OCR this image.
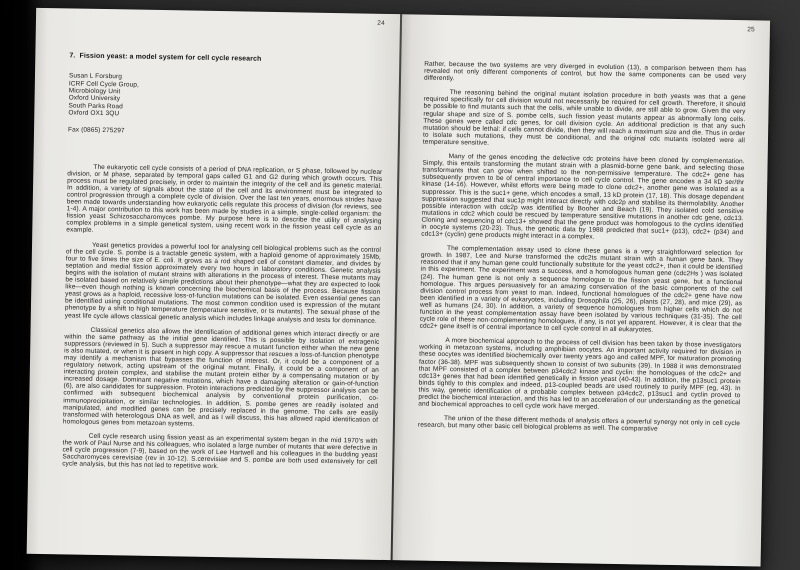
24
7.  Fission yeast: a model system for cell cycle research
Susan L Forsburg
ICRF Cell Cycle Group,
Microbiology Unit
Oxford University
South Parks Road
Oxford OX1 3QU
Fax (0865) 275297

The eukaryotic cell cycle consists of a period of DNA replication, or S phase, followed by nuclear division, or M phase, separated by temporal gaps called G1 and G2 during which growth occurs. This process must be regulated precisely, in order to maintain the integrity of the cell and its genetic material. In addition, a variety of signals about the state of the cell and its environment must be integrated to control progression through a complete cycle of division. Over the last ten years, enormous strides have been made towards understanding how eukaryotic cells regulate this process of division (for reviews, see 1-4). A major contribution to this work has been made by studies in a simple, single-celled organism: the fission yeast Schizosaccharomyces pombe. My purpose here is to describe the utility of analysing complex problems in a simple genetical system, using recent work in the fission yeast cell cycle as an example.

Yeast genetics provides a powerful tool for analysing cell biological problems such as the control of the cell cycle. S. pombe is a tractable genetic system, with a haploid genome of approximately 15Mb, four to five times the size of E. coli. It grows as a rod shaped cell of constant diameter, and divides by septation and medial fission approximately every two hours in laboratory conditions. Genetic analysis begins with the isolation of mutant strains with alterations in the process of interest. These mutants may be isolated based on relatively simple predictions about their phenotype—what they are expected to look like—even though nothing is known concerning the biochemical basis of the process. Because fission yeast grows as a haploid, recessive loss-of-function mutations can be isolated. Even essential genes can be identified using conditional mutations. The most common condition used is expression of the mutant phenotype by a shift to high temperature (temperature sensitive, or ts mutants). The sexual phase of the yeast life cycle allows classical genetic analysis which includes linkage analysis and tests for dominance.

Classical genetics also allows the identification of additional genes which interact directly or are within the same pathway as the initial gene identified. This is possible by isolation of extragenic suppressors (reviewed in 5). Such a suppressor may rescue a mutant function either when the new gene is also mutated, or when it is present in high copy. A suppressor that rescues a loss-of-function phenotype may identify a mechanism that bypasses the function of interest. Or, it could be a component of a regulatory network, acting upstream of the original mutant. Finally, it could be a component of an interacting protein complex, and stabilise the mutant protein either by a compensating mutation or by increased dosage. Dominant negative mutations, which have a damaging alteration or gain-of-function (6), are also candidates for suppression. Protein interactions predicted by the suppressor analysis can be confirmed with subsequent biochemical analysis by conventional protein purification, co-immunoprecipitation, or similar technologies. In addition, S. pombe genes are readily isolated and manipulated, and modified genes can be precisely replaced in the genome. The cells are easily transformed with heterologous DNA as well, and as I will discuss, this has allowed rapid identification of homologous genes from metazoan systems.

Cell cycle research using fission yeast as an experimental system began in the mid 1970's with the work of Paul Nurse and his colleagues, who isolated a large number of mutants that were defective in cell cycle progression (7-9), based on the work of Lee Hartwell and his colleagues in the budding yeast Saccharomyces cerevisiae (rev in 10-12). S.cerevisiae and S. pombe are both used extensively for cell cycle analysis, but this has not led to repetitive work.

25

Rather, because the two systems are very diverged in evolution (13), a comparison between them has revealed not only different components of control, but how the same components can be used very differently.

The reasoning behind the original mutant isolation procedure in both yeasts was that a gene required specifically for cell division would not necessarily be required for cell growth. Therefore, it should be possible to find mutants such that the cells, while unable to divide, are still able to grow. Given the very regular shape and size of S. pombe cells, such fission yeast mutants appear as abnormally long cells. These genes were called cdc genes, for cell division cycle. An additional prediction is that any such mutation should be lethal: if cells cannot divide, then they will reach a maximum size and die. Thus in order to isolate such mutations, they must be conditional, and the original cdc mutants isolated were all temperature sensitive.

Many of the genes encoding the defective cdc proteins have been cloned by complementation. Simply, this entails transforming the mutant strain with a plasmid-borne gene bank, and selecting those transformants that can grow when shifted to the non-permissive temperature. The cdc2+ gene has subsequently proven to be of central importance to cell cycle control. The gene encodes a 34 kD ser/thr kinase (14-16). However, whilst efforts were being made to clone cdc2+, another gene was isolated as a suppressor. This is the suc1+ gene, which encodes a small, 13 kD protein (17, 18). This dosage dependent suppression suggested that suc1p might interact directly with cdc2p and stabilise its thermolability. Another possible interaction with cdc2p was identified by Booher and Beach (19). They isolated cold sensitive mutations in cdc2 which could be rescued by temperature sensitive mutations in another cdc gene, cdc13. Cloning and sequencing of cdc13+ showed that the gene product was homologous to the cyclins identified in oocyte systems (20-23). Thus, the genetic data by 1988 predicted that suc1+ (p13), cdc2+ (p34) and cdc13+ (cyclin) gene products might interact in a complex.

The complementation assay used to clone these genes is a very straightforward selection for growth. In 1987, Lee and Nurse transformed the cdc2ts mutant strain with a human gene bank. They reasoned that if any human gene could functionally substitute for the yeast cdc2+, then it could be identified in this experiment. The experiment was a success, and a homologous human gene (cdc2Hs ) was isolated (24). The human gene is not only a sequence homologue to the fission yeast gene, but a functional homologue. This argues persuasively for an amazing conservation of the basic components of the cell division control process from yeast to man. Indeed, functional homologues of the cdc2+ gene have now been identified in a variety of eukaryotes, including Drosophila (25, 26), plants (27, 28), and mice (29), as well as humans (24, 30). In addition, a variety of sequence homologues from higher cells which do not function in the yeast complementation assay have been isolated by various techniques (31-35). The cell cycle role of these non-complementing homologues, if any, is not yet apparent. However, it is clear that the cdc2+ gene itself is of central importance to cell cycle control in all eukaryotes.

A more biochemical approach to the process of cell division has been taken by those investigators working in metazoan systems, including amphibian oocytes. An important activity required for division in these oocytes was identified biochemically over twenty years ago and called MPF, for maturation promoting factor (36-38). MPF was subsequently shown to consist of two subunits (39). In 1988 it was demonstrated that MPF consisted of a complex between p34cdc2 kinase and cyclin: the homologues of the cdc2+ and cdc13+ genes that had been identified genetically in fission yeast (40-43). In addition, the p13suc1 protein binds tightly to this complex and indeed, p13-coupled beads are used routinely to purify MPF (eg, 43). In this way, genetic identification of a probable complex between p34cdc2, p13suc1 and cyclin proved to predict the biochemical interaction, and this has led to an acceleration of our understanding as the genetical and biochemical approaches to cell cycle work have merged.

The union of the these different methods of analysis offers a powerful synergy not only in cell cycle research, but many other basic cell biological problems as well. The comparative
